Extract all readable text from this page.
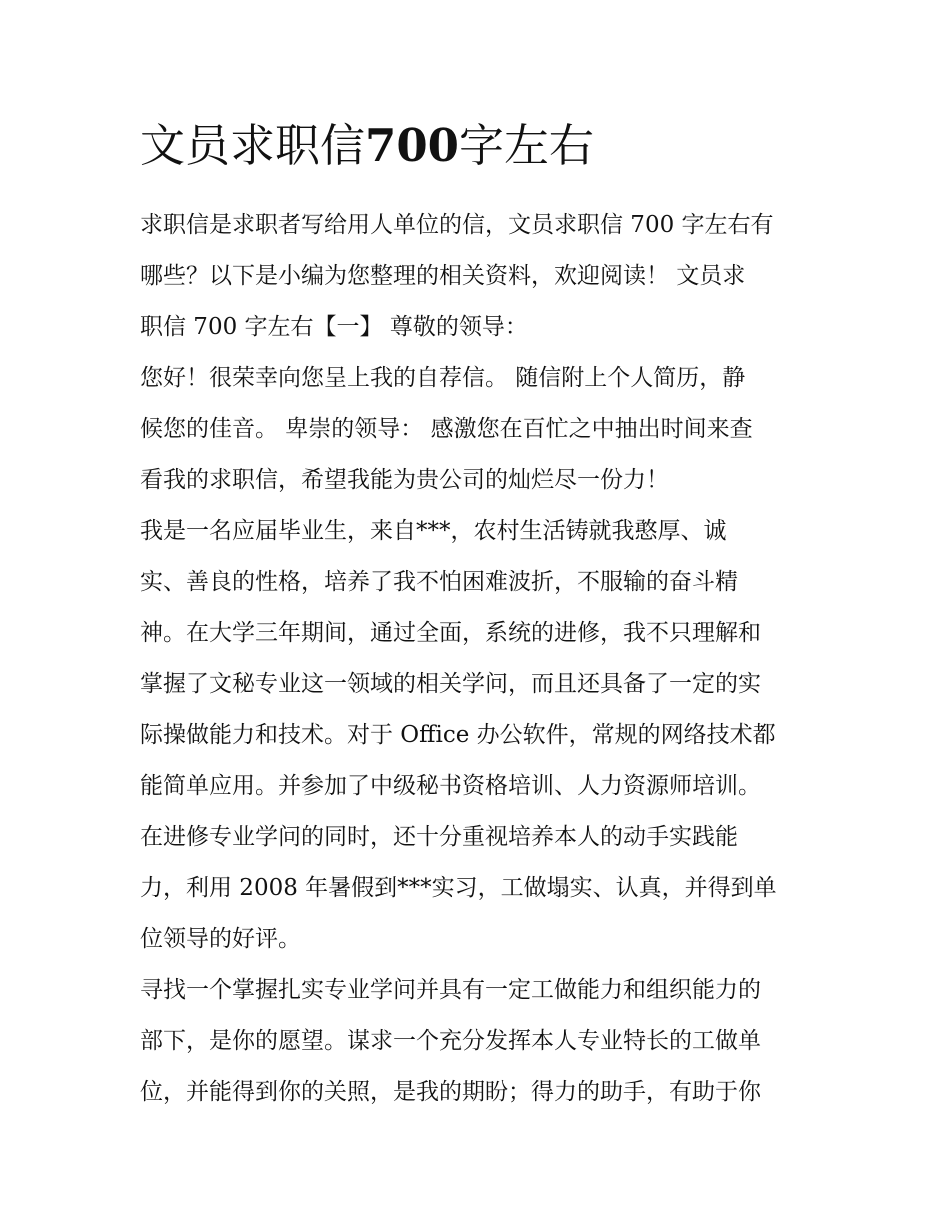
文员求职信700字左右
求职信是求职者写给用人单位的信，文员求职信 700 字左右有
哪些？以下是小编为您整理的相关资料，欢迎阅读！ 文员求
职信 700 字左右【一】 尊敬的领导：
您好！很荣幸向您呈上我的自荐信。 随信附上个人简历，静
候您的佳音。 卑崇的领导： 感激您在百忙之中抽出时间来查
看我的求职信，希望我能为贵公司的灿烂尽一份力！
我是一名应届毕业生，来自***，农村生活铸就我憨厚、诚
实、善良的性格，培养了我不怕困难波折，不服输的奋斗精
神。在大学三年期间，通过全面，系统的进修，我不只理解和
掌握了文秘专业这一领域的相关学问，而且还具备了一定的实
际操做能力和技术。对于 Office 办公软件，常规的网络技术都
能简单应用。并参加了中级秘书资格培训、人力资源师培训。
在进修专业学问的同时，还十分重视培养本人的动手实践能
力，利用 2008 年暑假到***实习，工做塌实、认真，并得到单
位领导的好评。
寻找一个掌握扎实专业学问并具有一定工做能力和组织能力的
部下，是你的愿望。谋求一个充分发挥本人专业特长的工做单
位，并能得到你的关照，是我的期盼；得力的助手，有助于你
